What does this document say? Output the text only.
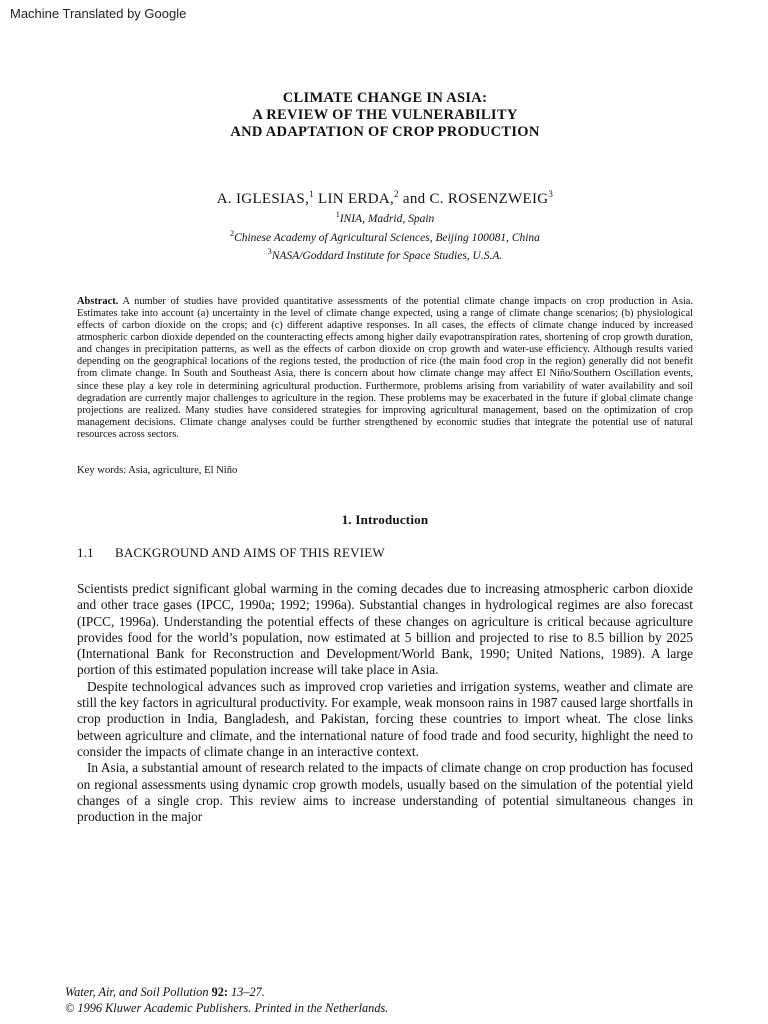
Machine Translated by Google
CLIMATE CHANGE IN ASIA:
A REVIEW OF THE VULNERABILITY
AND ADAPTATION OF CROP PRODUCTION
A. IGLESIAS,$^1$ LIN ERDA,$^2$ and C. ROSENZWEIG$^3$
$^1$INIA, Madrid, Spain
$^2$Chinese Academy of Agricultural Sciences, Beijing 100081, China
$^3$NASA/Goddard Institute for Space Studies, U.S.A.
Abstract. A number of studies have provided quantitative assessments of the potential climate change impacts on crop production in Asia. Estimates take into account (a) uncertainty in the level of climate change expected, using a range of climate change scenarios; (b) physiological effects of carbon dioxide on the crops; and (c) different adaptive responses. In all cases, the effects of climate change induced by increased atmospheric carbon dioxide depended on the counteracting effects among higher daily evapotranspiration rates, shortening of crop growth duration, and changes in precipitation patterns, as well as the effects of carbon dioxide on crop growth and water-use efficiency. Although results varied depending on the geographical locations of the regions tested, the production of rice (the main food crop in the region) generally did not benefit from climate change. In South and Southeast Asia, there is concern about how climate change may affect El Niño/Southern Oscillation events, since these play a key role in determining agricultural production. Furthermore, problems arising from variability of water availability and soil degradation are currently major challenges to agriculture in the region. These problems may be exacerbated in the future if global climate change projections are realized. Many studies have considered strategies for improving agricultural management, based on the optimization of crop management decisions. Climate change analyses could be further strengthened by economic studies that integrate the potential use of natural resources across sectors.
Key words: Asia, agriculture, El Niño
1. Introduction
1.1 BACKGROUND AND AIMS OF THIS REVIEW

Scientists predict significant global warming in the coming decades due to increasing atmospheric carbon dioxide and other trace gases (IPCC, 1990a; 1992; 1996a). Substantial changes in hydrological regimes are also forecast (IPCC, 1996a). Understanding the potential effects of these changes on agriculture is critical because agriculture provides food for the world’s population, now estimated at 5 billion and projected to rise to 8.5 billion by 2025 (International Bank for Reconstruction and Development/World Bank, 1990; United Nations, 1989). A large portion of this estimated population increase will take place in Asia.

Despite technological advances such as improved crop varieties and irrigation systems, weather and climate are still the key factors in agricultural productivity. For example, weak monsoon rains in 1987 caused large shortfalls in crop production in India, Bangladesh, and Pakistan, forcing these countries to import wheat. The close links between agriculture and climate, and the international nature of food trade and food security, highlight the need to consider the impacts of climate change in an interactive context.

In Asia, a substantial amount of research related to the impacts of climate change on crop production has focused on regional assessments using dynamic crop growth models, usually based on the simulation of the potential yield changes of a single crop. This review aims to increase understanding of potential simultaneous changes in production in the major

Water, Air, and Soil Pollution 92: 13–27.
© 1996 Kluwer Academic Publishers. Printed in the Netherlands.
